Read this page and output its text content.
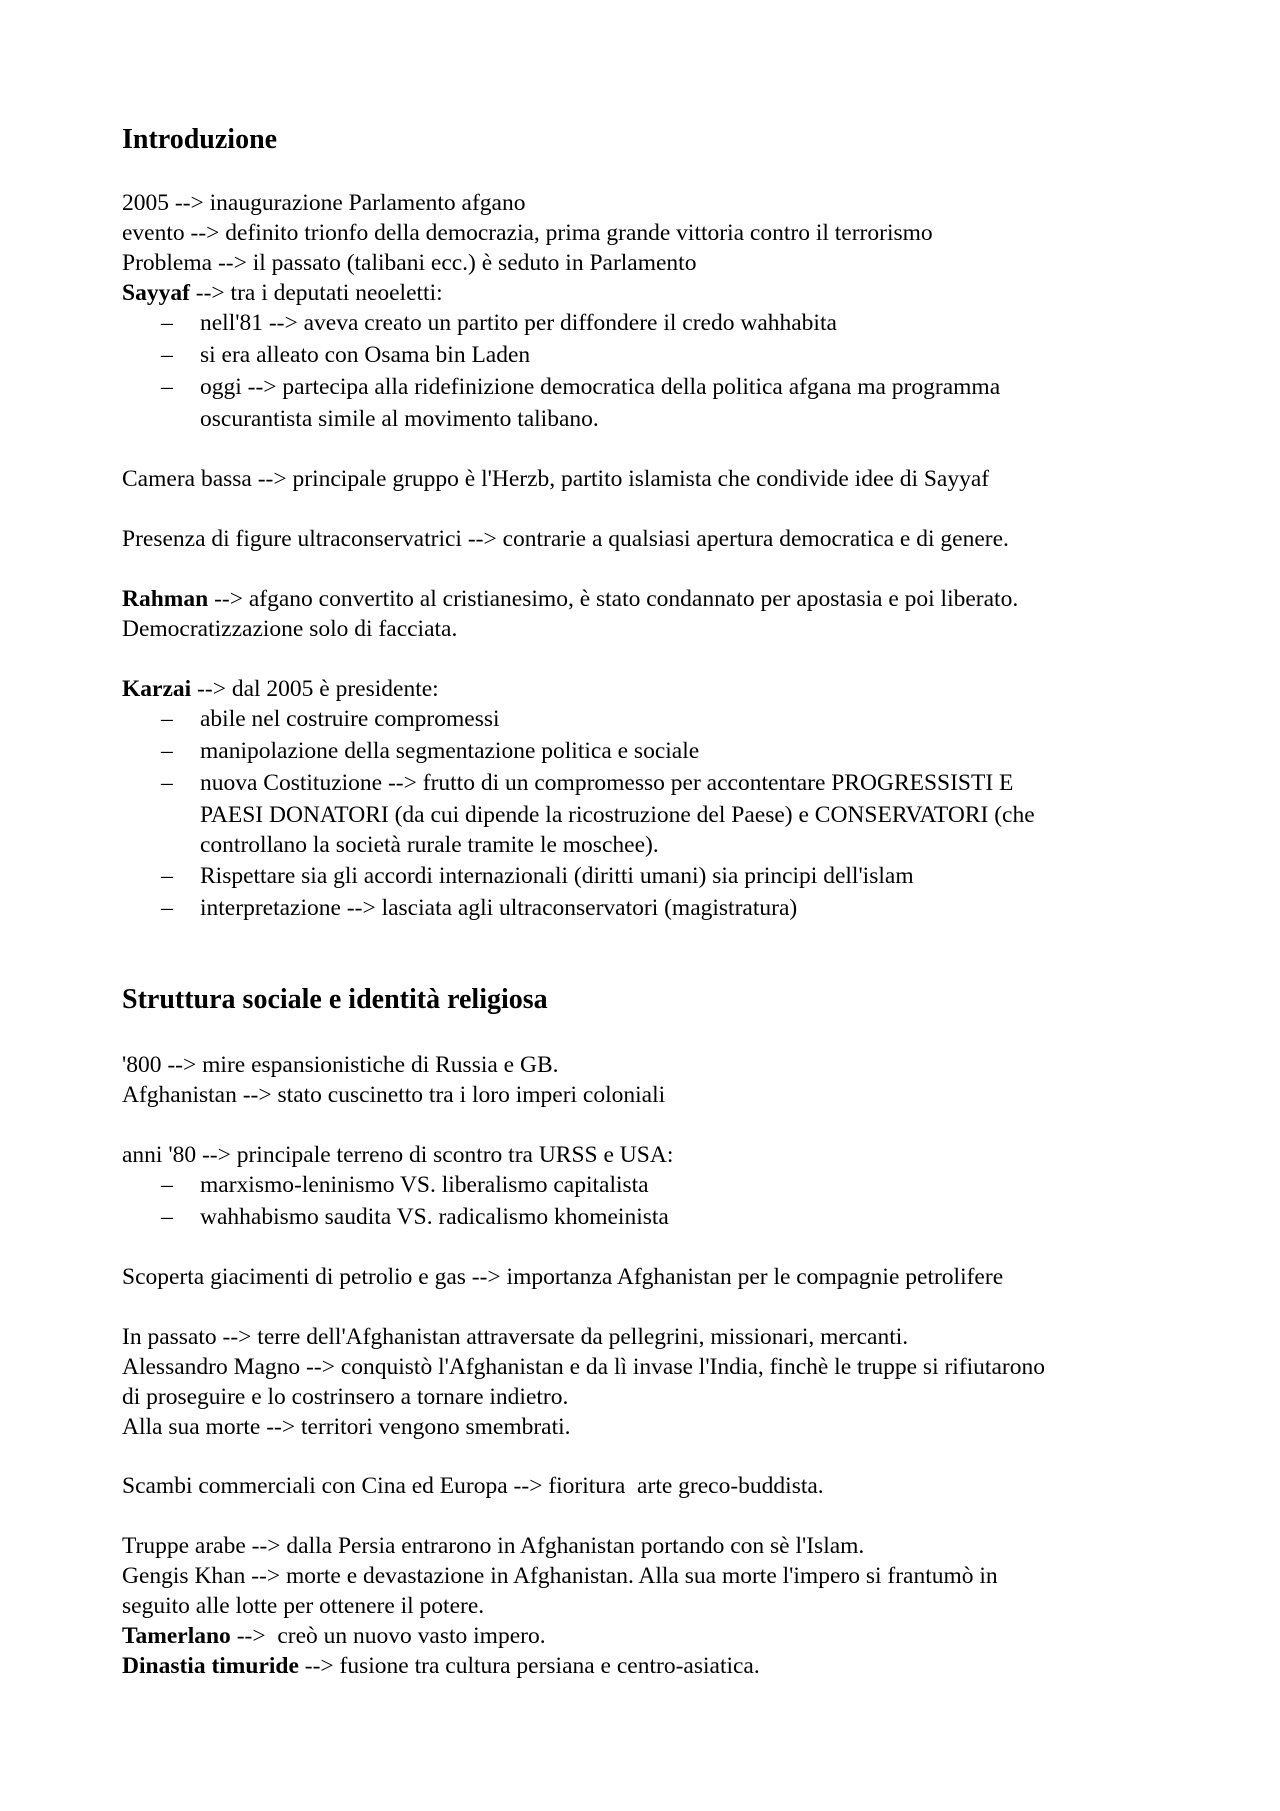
Introduzione
2005 --> inaugurazione Parlamento afgano
evento --> definito trionfo della democrazia, prima grande vittoria contro il terrorismo
Problema --> il passato (talibani ecc.) è seduto in Parlamento
Sayyaf --> tra i deputati neoeletti:
– nell'81 --> aveva creato un partito per diffondere il credo wahhabita
– si era alleato con Osama bin Laden
– oggi --> partecipa alla ridefinizione democratica della politica afgana ma programma
oscurantista simile al movimento talibano.
Camera bassa --> principale gruppo è l'Herzb, partito islamista che condivide idee di Sayyaf
Presenza di figure ultraconservatrici --> contrarie a qualsiasi apertura democratica e di genere.
Rahman --> afgano convertito al cristianesimo, è stato condannato per apostasia e poi liberato.
Democratizzazione solo di facciata.
Karzai --> dal 2005 è presidente:
– abile nel costruire compromessi
– manipolazione della segmentazione politica e sociale
– nuova Costituzione --> frutto di un compromesso per accontentare PROGRESSISTI E
PAESI DONATORI (da cui dipende la ricostruzione del Paese) e CONSERVATORI (che
controllano la società rurale tramite le moschee).
– Rispettare sia gli accordi internazionali (diritti umani) sia principi dell'islam
– interpretazione --> lasciata agli ultraconservatori (magistratura)
Struttura sociale e identità religiosa
'800 --> mire espansionistiche di Russia e GB.
Afghanistan --> stato cuscinetto tra i loro imperi coloniali
anni '80 --> principale terreno di scontro tra URSS e USA:
– marxismo-leninismo VS. liberalismo capitalista
– wahhabismo saudita VS. radicalismo khomeinista
Scoperta giacimenti di petrolio e gas --> importanza Afghanistan per le compagnie petrolifere
In passato --> terre dell'Afghanistan attraversate da pellegrini, missionari, mercanti.
Alessandro Magno --> conquistò l'Afghanistan e da lì invase l'India, finchè le truppe si rifiutarono
di proseguire e lo costrinsero a tornare indietro.
Alla sua morte --> territori vengono smembrati.
Scambi commerciali con Cina ed Europa --> fioritura  arte greco-buddista.
Truppe arabe --> dalla Persia entrarono in Afghanistan portando con sè l'Islam.
Gengis Khan --> morte e devastazione in Afghanistan. Alla sua morte l'impero si frantumò in
seguito alle lotte per ottenere il potere.
Tamerlano -->  creò un nuovo vasto impero.
Dinastia timuride --> fusione tra cultura persiana e centro-asiatica.
